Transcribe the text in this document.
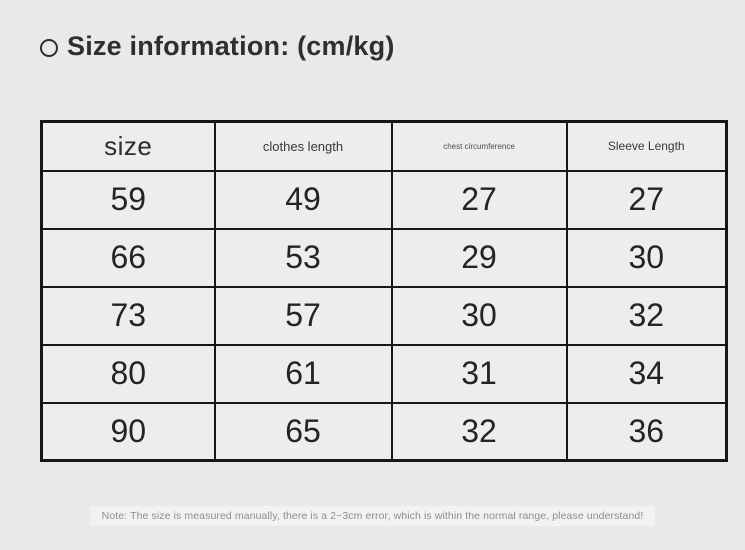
Size information: (cm/kg)
size	clothes length	chest circumference	Sleeve Length
59	49	27	27
66	53	29	30
73	57	30	32
80	61	31	34
90	65	32	36
Note: The size is measured manually, there is a 2~3cm error, which is within the normal range, please understand!
